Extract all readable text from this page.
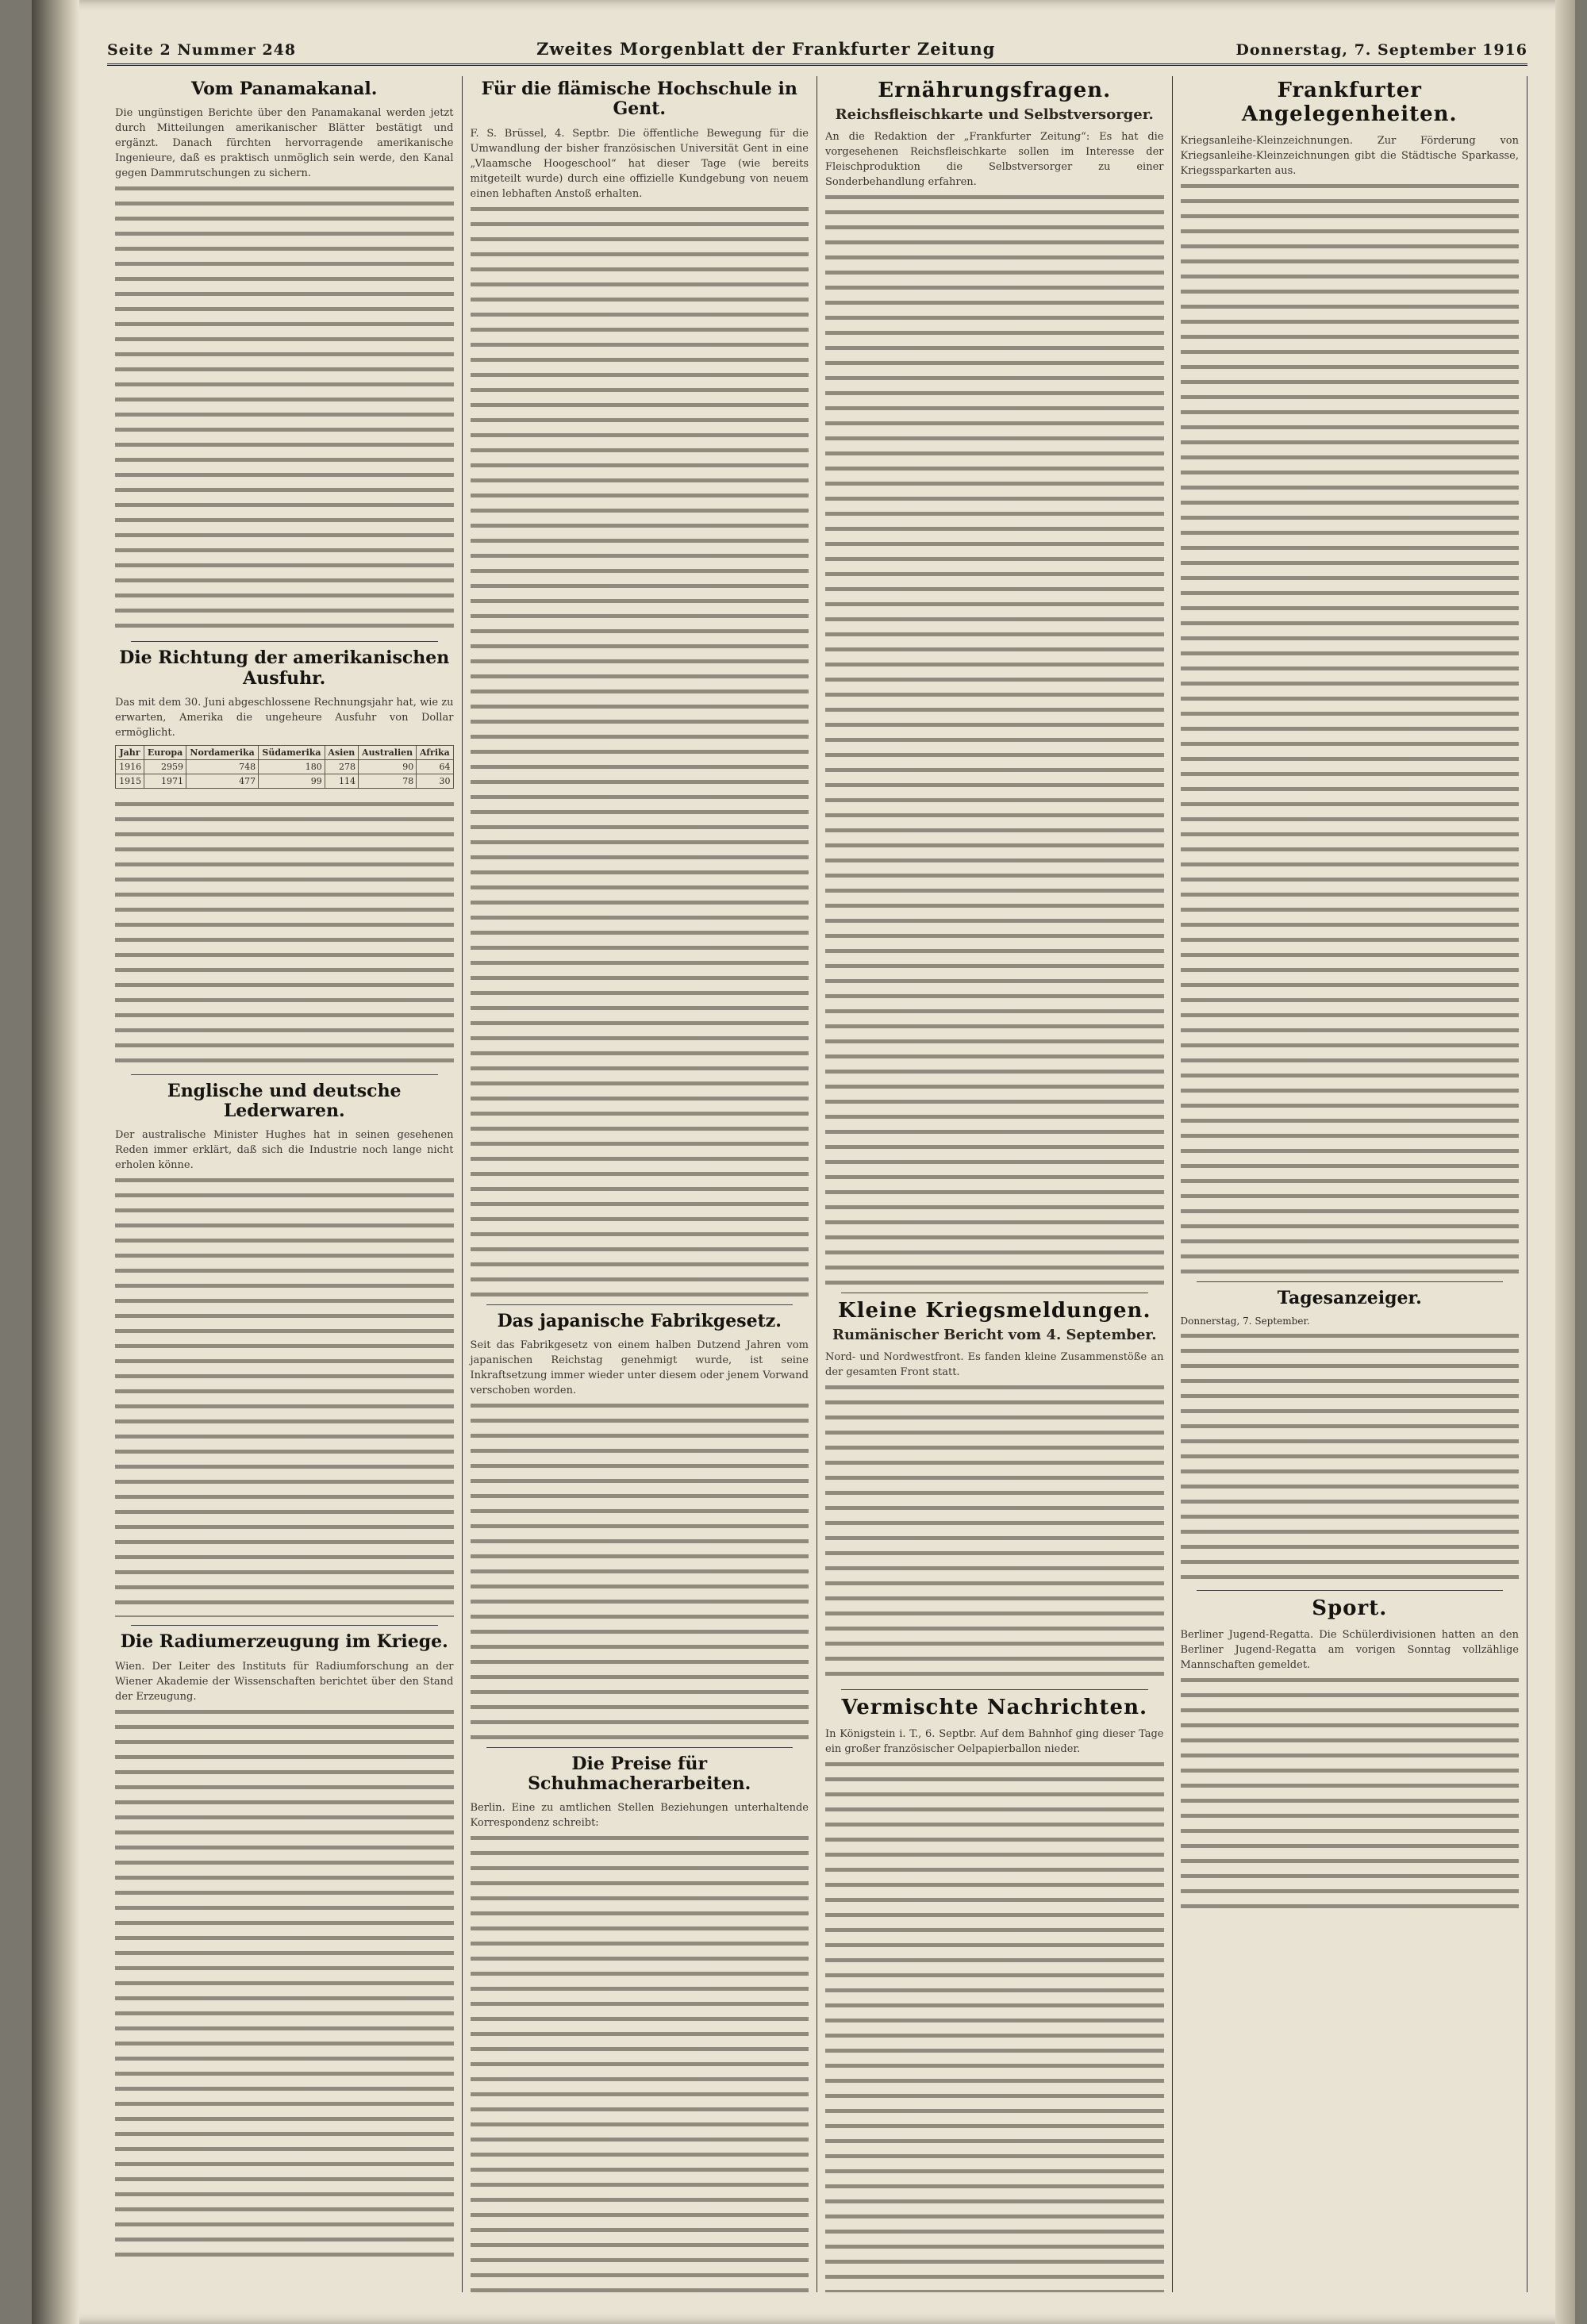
Seite 2 Nummer 248	Zweites Morgenblatt der Frankfurter Zeitung	Donnerstag, 7. September 1916
Vom Panamakanal.

Die ungünstigen Berichte über den Panamakanal werden jetzt durch Mitteilungen amerikanischer Blätter bestätigt und ergänzt. Danach fürchten hervorragende amerikanische Ingenieure, daß es praktisch unmöglich sein werde, den Kanal gegen Dammrutschungen zu sichern.

Die Richtung der amerikanischen Ausfuhr.

Das mit dem 30. Juni abgeschlossene Rechnungsjahr hat, wie zu erwarten, Amerika die ungeheure Ausfuhr von Dollar ermöglicht.

Jahr	Europa	Nordamerika	Südamerika	Asien	Australien	Afrika
1916	2959	748	180	278	90	64
1915	1971	477	99	114	78	30
Englische und deutsche Lederwaren.

Der australische Minister Hughes hat in seinen gesehenen Reden immer erklärt, daß sich die Industrie noch lange nicht erholen könne.

Die Radiumerzeugung im Kriege.

Wien. Der Leiter des Instituts für Radiumforschung an der Wiener Akademie der Wissenschaften berichtet über den Stand der Erzeugung.

Für die flämische Hochschule in Gent.

F. S. Brüssel, 4. Septbr. Die öffentliche Bewegung für die Umwandlung der bisher französischen Universität Gent in eine „Vlaamsche Hoogeschool“ hat dieser Tage (wie bereits mitgeteilt wurde) durch eine offizielle Kundgebung von neuem einen lebhaften Anstoß erhalten.

Das japanische Fabrikgesetz.

Seit das Fabrikgesetz von einem halben Dutzend Jahren vom japanischen Reichstag genehmigt wurde, ist seine Inkraftsetzung immer wieder unter diesem oder jenem Vorwand verschoben worden.

Die Preise für Schuhmacherarbeiten.

Berlin. Eine zu amtlichen Stellen Beziehungen unterhaltende Korrespondenz schreibt:

Ernährungsfragen.
Reichsfleischkarte und Selbstversorger.

An die Redaktion der „Frankfurter Zeitung“: Es hat die vorgesehenen Reichsfleischkarte sollen im Interesse der Fleischproduktion die Selbstversorger zu einer Sonderbehandlung erfahren.

Kleine Kriegsmeldungen.
Rumänischer Bericht vom 4. September.

Nord- und Nordwestfront. Es fanden kleine Zusammenstöße an der gesamten Front statt.

Vermischte Nachrichten.

In Königstein i. T., 6. Septbr. Auf dem Bahnhof ging dieser Tage ein großer französischer Oelpapierballon nieder.

Frankfurter Angelegenheiten.

Kriegsanleihe-Kleinzeichnungen. Zur Förderung von Kriegsanleihe-Kleinzeichnungen gibt die Städtische Sparkasse, Kriegssparkarten aus.

Tagesanzeiger.
Donnerstag, 7. September.
Sport.

Berliner Jugend-Regatta. Die Schülerdivisionen hatten an den Berliner Jugend-Regatta am vorigen Sonntag vollzählige Mannschaften gemeldet.
